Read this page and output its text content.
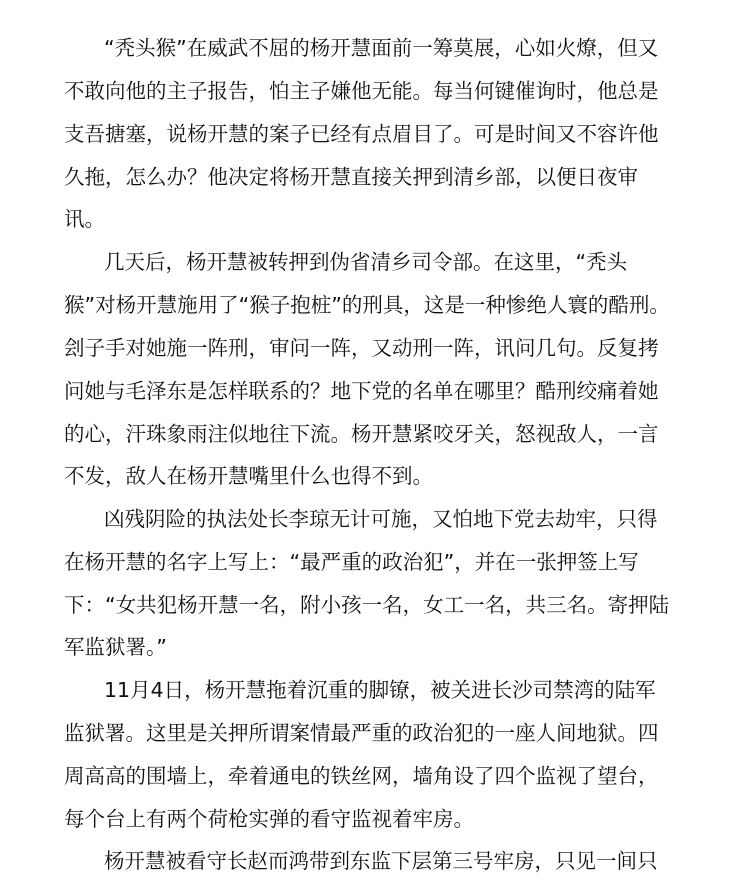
“秃头猴”在威武不屈的杨开慧面前一筹莫展，心如火燎，但又
不敢向他的主子报告，怕主子嫌他无能。每当何键催询时，他总是
支吾搪塞，说杨开慧的案子已经有点眉目了。可是时间又不容许他
久拖，怎么办？他决定将杨开慧直接关押到清乡部，以便日夜审
讯。
几天后，杨开慧被转押到伪省清乡司令部。在这里，“秃头
猴”对杨开慧施用了“猴子抱桩”的刑具，这是一种惨绝人寰的酷刑。
刽子手对她施一阵刑，审问一阵，又动刑一阵，讯问几句。反复拷
问她与毛泽东是怎样联系的？地下党的名单在哪里？酷刑绞痛着她
的心，汗珠象雨注似地往下流。杨开慧紧咬牙关，怒视敌人，一言
不发，敌人在杨开慧嘴里什么也得不到。
凶残阴险的执法处长李琼无计可施，又怕地下党去劫牢，只得
在杨开慧的名字上写上：“最严重的政治犯”，并在一张押签上写
下：“女共犯杨开慧一名，附小孩一名，女工一名，共三名。寄押陆
军监狱署。”
11月4日，杨开慧拖着沉重的脚镣，被关进长沙司禁湾的陆军
监狱署。这里是关押所谓案情最严重的政治犯的一座人间地狱。四
周高高的围墙上，牵着通电的铁丝网，墙角设了四个监视了望台，
每个台上有两个荷枪实弹的看守监视着牢房。
杨开慧被看守长赵而鸿带到东监下层第三号牢房，只见一间只
